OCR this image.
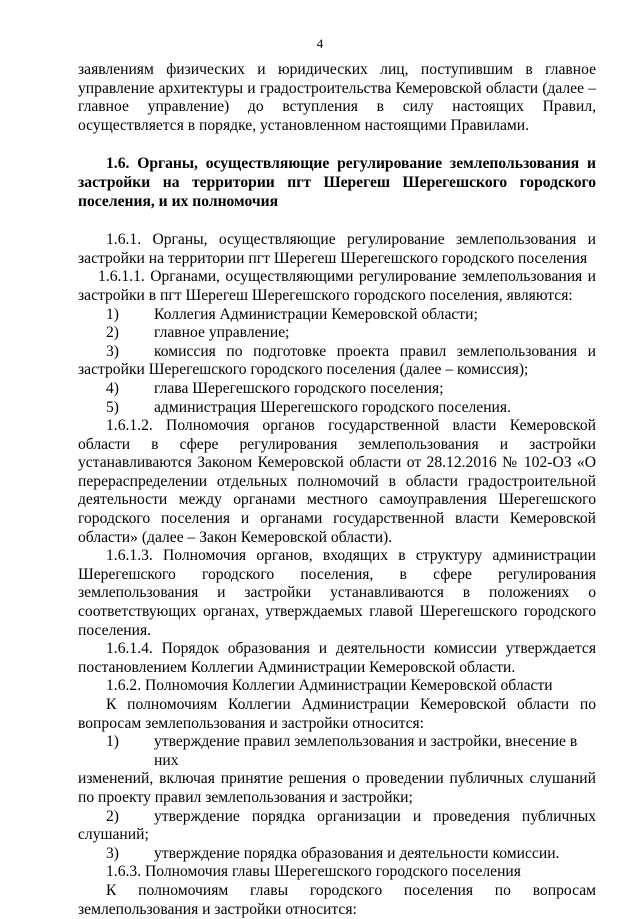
4

заявлениям физических и юридических лиц, поступившим в главное управление архитектуры и градостроительства Кемеровской области (далее – главное управление) до вступления в силу настоящих Правил, осуществляется в порядке, установленном настоящими Правилами.

1.6. Органы, осуществляющие регулирование землепользования и застройки на территории пгт Шерегеш Шерегешского городского поселения, и их полномочия

1.6.1. Органы, осуществляющие регулирование землепользования и застройки на территории пгт Шерегеш Шерегешского городского поселения

1.6.1.1. Органами, осуществляющими регулирование землепользования и застройки в пгт Шерегеш Шерегешского городского поселения, являются:

1)	Коллегия Администрации Кемеровской области;
2)	главное управление;
3)	комиссия по подготовке проекта правил землепользования и

застройки Шерегешского городского поселения (далее – комиссия);

4)	глава Шерегешского городского поселения;
5)	администрация Шерегешского городского поселения.

1.6.1.2. Полномочия органов государственной власти Кемеровской области в сфере регулирования землепользования и застройки устанавливаются Законом Кемеровской области от 28.12.2016 № 102-ОЗ «О перераспределении отдельных полномочий в области градостроительной деятельности между органами местного самоуправления Шерегешского городского поселения и органами государственной власти Кемеровской области» (далее – Закон Кемеровской области).

1.6.1.3. Полномочия органов, входящих в структуру администрации Шерегешского городского поселения, в сфере регулирования землепользования и застройки устанавливаются в положениях о соответствующих органах, утверждаемых главой Шерегешского городского поселения.

1.6.1.4. Порядок образования и деятельности комиссии утверждается постановлением Коллегии Администрации Кемеровской области.

1.6.2. Полномочия Коллегии Администрации Кемеровской области

К полномочиям Коллегии Администрации Кемеровской области по вопросам землепользования и застройки относится:

1)	утверждение правил землепользования и застройки, внесение в них

изменений, включая принятие решения о проведении публичных слушаний по проекту правил землепользования и застройки;

2)	утверждение порядка организации и проведения публичных

слушаний;

3)	утверждение порядка образования и деятельности комиссии.

1.6.3. Полномочия главы Шерегешского городского поселения

К полномочиям главы городского поселения по вопросам землепользования и застройки относится:
